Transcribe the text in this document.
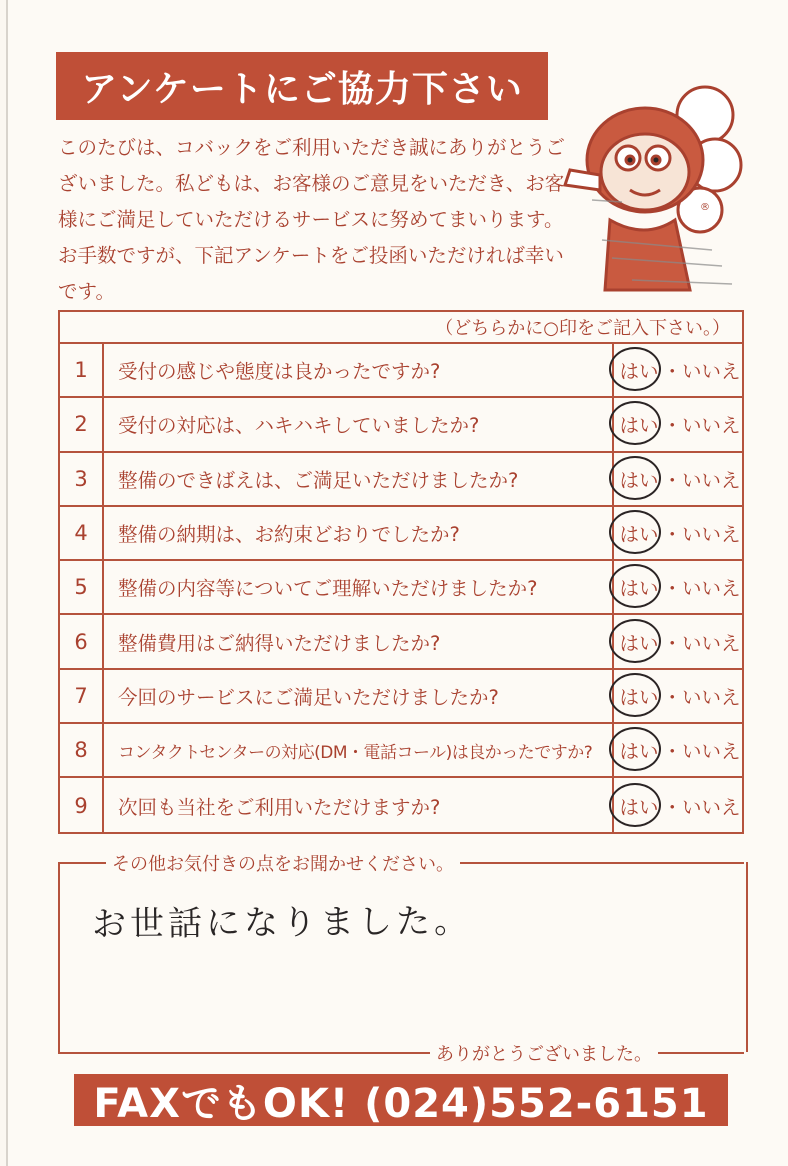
アンケートにご協力下さい
このたびは、コバックをご利用いただき誠にありがとうございました。私どもは、お客様のご意見をいただき、お客様にご満足していただけるサービスに努めてまいります。お手数ですが、下記アンケートをご投函いただければ幸いです。
®
（どちらかに○印をご記入下さい。）
1	受付の感じや態度は良かったですか?	はい ・ いいえ
2	受付の対応は、ハキハキしていましたか?	はい ・ いいえ
3	整備のできばえは、ご満足いただけましたか?	はい ・ いいえ
4	整備の納期は、お約束どおりでしたか?	はい ・ いいえ
5	整備の内容等についてご理解いただけましたか?	はい ・ いいえ
6	整備費用はご納得いただけましたか?	はい ・ いいえ
7	今回のサービスにご満足いただけましたか?	はい ・ いいえ
8	コンタクトセンターの対応(DM・電話コール)は良かったですか?	はい ・ いいえ
9	次回も当社をご利用いただけますか?	はい ・ いいえ
その他お気付きの点をお聞かせください。
お世話になりました。
ありがとうございました。
FAXでもOK! (024)552-6151
